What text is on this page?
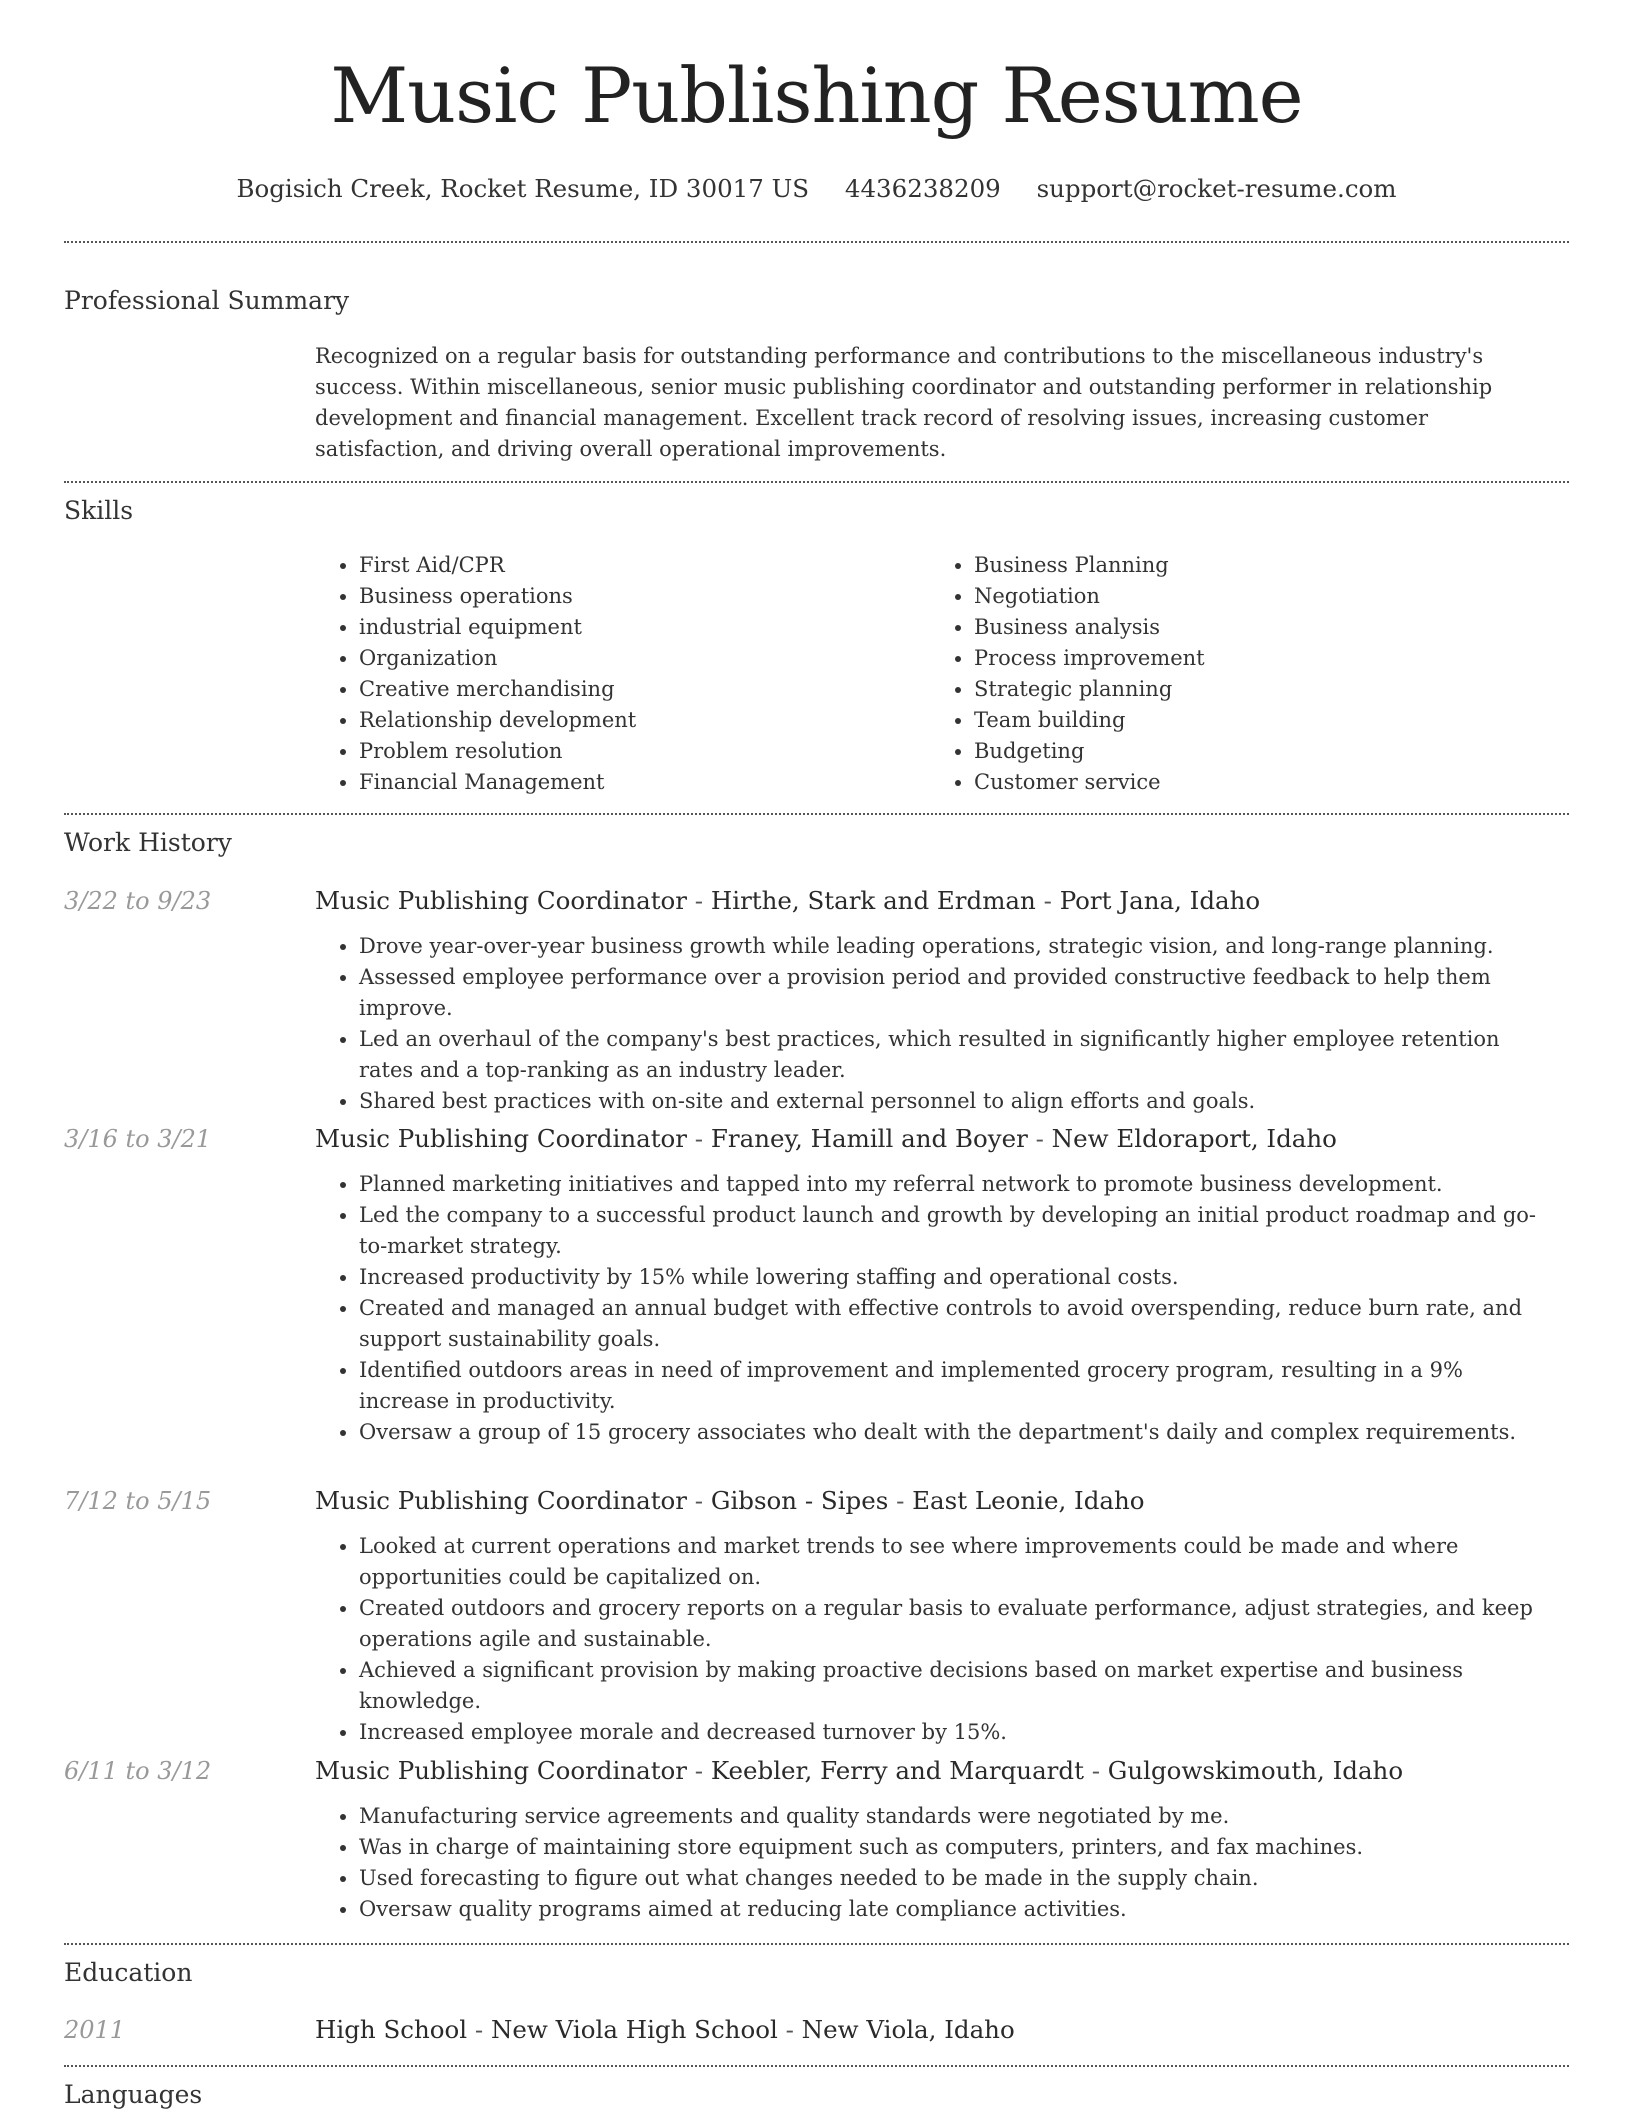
Music Publishing Resume
Bogisich Creek, Rocket Resume, ID 30017 US 4436238209 support@rocket-resume.com
Professional Summary

Recognized on a regular basis for outstanding performance and contributions to the miscellaneous industry's success. Within miscellaneous, senior music publishing coordinator and outstanding performer in relationship development and financial management. Excellent track record of resolving issues, increasing customer satisfaction, and driving overall operational improvements.

Skills
• First Aid/CPR
• Business operations
• industrial equipment
• Organization
• Creative merchandising
• Relationship development
• Problem resolution
• Financial Management
• Business Planning
• Negotiation
• Business analysis
• Process improvement
• Strategic planning
• Team building
• Budgeting
• Customer service
Work History
3/22 to 9/23	Music Publishing Coordinator - Hirthe, Stark and Erdman - Port Jana, Idaho

• Drove year-over-year business growth while leading operations, strategic vision, and long-range planning.
• Assessed employee performance over a provision period and provided constructive feedback to help them improve.
• Led an overhaul of the company's best practices, which resulted in significantly higher employee retention rates and a top-ranking as an industry leader.
• Shared best practices with on-site and external personnel to align efforts and goals.
3/16 to 3/21	Music Publishing Coordinator - Franey, Hamill and Boyer - New Eldoraport, Idaho

• Planned marketing initiatives and tapped into my referral network to promote business development.
• Led the company to a successful product launch and growth by developing an initial product roadmap and go-to-market strategy.
• Increased productivity by 15% while lowering staffing and operational costs.
• Created and managed an annual budget with effective controls to avoid overspending, reduce burn rate, and support sustainability goals.
• Identified outdoors areas in need of improvement and implemented grocery program, resulting in a 9% increase in productivity.
• Oversaw a group of 15 grocery associates who dealt with the department's daily and complex requirements.
7/12 to 5/15	Music Publishing Coordinator - Gibson - Sipes - East Leonie, Idaho

• Looked at current operations and market trends to see where improvements could be made and where opportunities could be capitalized on.
• Created outdoors and grocery reports on a regular basis to evaluate performance, adjust strategies, and keep operations agile and sustainable.
• Achieved a significant provision by making proactive decisions based on market expertise and business knowledge.
• Increased employee morale and decreased turnover by 15%.
6/11 to 3/12	Music Publishing Coordinator - Keebler, Ferry and Marquardt - Gulgowskimouth, Idaho

• Manufacturing service agreements and quality standards were negotiated by me.
• Was in charge of maintaining store equipment such as computers, printers, and fax machines.
• Used forecasting to figure out what changes needed to be made in the supply chain.
• Oversaw quality programs aimed at reducing late compliance activities.
Education
2011	High School - New Viola High School - New Viola, Idaho

Languages
